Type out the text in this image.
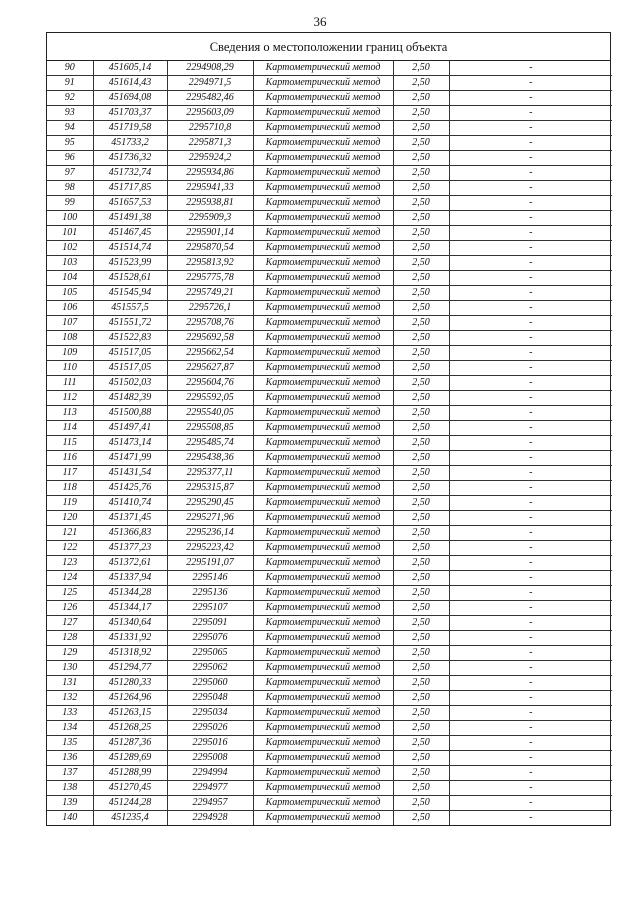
36
Сведения о местоположении границ объекта
90	451605,14	2294908,29	Картометрический метод	2,50	-
91	451614,43	2294971,5	Картометрический метод	2,50	-
92	451694,08	2295482,46	Картометрический метод	2,50	-
93	451703,37	2295603,09	Картометрический метод	2,50	-
94	451719,58	2295710,8	Картометрический метод	2,50	-
95	451733,2	2295871,3	Картометрический метод	2,50	-
96	451736,32	2295924,2	Картометрический метод	2,50	-
97	451732,74	2295934,86	Картометрический метод	2,50	-
98	451717,85	2295941,33	Картометрический метод	2,50	-
99	451657,53	2295938,81	Картометрический метод	2,50	-
100	451491,38	2295909,3	Картометрический метод	2,50	-
101	451467,45	2295901,14	Картометрический метод	2,50	-
102	451514,74	2295870,54	Картометрический метод	2,50	-
103	451523,99	2295813,92	Картометрический метод	2,50	-
104	451528,61	2295775,78	Картометрический метод	2,50	-
105	451545,94	2295749,21	Картометрический метод	2,50	-
106	451557,5	2295726,1	Картометрический метод	2,50	-
107	451551,72	2295708,76	Картометрический метод	2,50	-
108	451522,83	2295692,58	Картометрический метод	2,50	-
109	451517,05	2295662,54	Картометрический метод	2,50	-
110	451517,05	2295627,87	Картометрический метод	2,50	-
111	451502,03	2295604,76	Картометрический метод	2,50	-
112	451482,39	2295592,05	Картометрический метод	2,50	-
113	451500,88	2295540,05	Картометрический метод	2,50	-
114	451497,41	2295508,85	Картометрический метод	2,50	-
115	451473,14	2295485,74	Картометрический метод	2,50	-
116	451471,99	2295438,36	Картометрический метод	2,50	-
117	451431,54	2295377,11	Картометрический метод	2,50	-
118	451425,76	2295315,87	Картометрический метод	2,50	-
119	451410,74	2295290,45	Картометрический метод	2,50	-
120	451371,45	2295271,96	Картометрический метод	2,50	-
121	451366,83	2295236,14	Картометрический метод	2,50	-
122	451377,23	2295223,42	Картометрический метод	2,50	-
123	451372,61	2295191,07	Картометрический метод	2,50	-
124	451337,94	2295146	Картометрический метод	2,50	-
125	451344,28	2295136	Картометрический метод	2,50	-
126	451344,17	2295107	Картометрический метод	2,50	-
127	451340,64	2295091	Картометрический метод	2,50	-
128	451331,92	2295076	Картометрический метод	2,50	-
129	451318,92	2295065	Картометрический метод	2,50	-
130	451294,77	2295062	Картометрический метод	2,50	-
131	451280,33	2295060	Картометрический метод	2,50	-
132	451264,96	2295048	Картометрический метод	2,50	-
133	451263,15	2295034	Картометрический метод	2,50	-
134	451268,25	2295026	Картометрический метод	2,50	-
135	451287,36	2295016	Картометрический метод	2,50	-
136	451289,69	2295008	Картометрический метод	2,50	-
137	451288,99	2294994	Картометрический метод	2,50	-
138	451270,45	2294977	Картометрический метод	2,50	-
139	451244,28	2294957	Картометрический метод	2,50	-
140	451235,4	2294928	Картометрический метод	2,50	-
